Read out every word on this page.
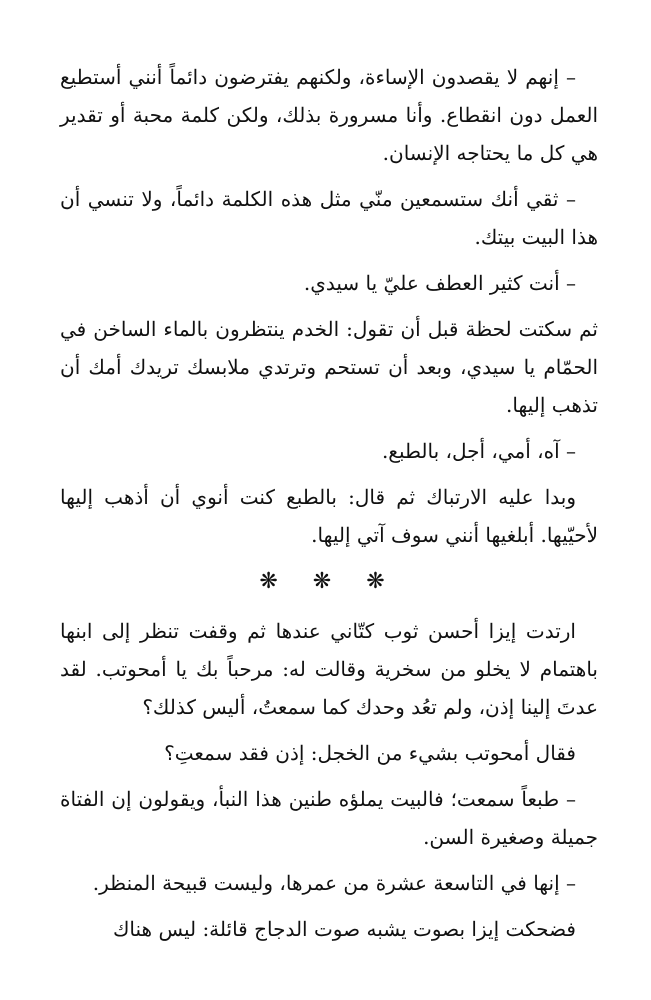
– إنهم لا يقصدون الإساءة، ولكنهم يفترضون دائماً أنني أستطيع العمل دون انقطاع. وأنا مسرورة بذلك، ولكن كلمة محبة أو تقدير هي كل ما يحتاجه الإنسان.

– ثقي أنك ستسمعين منّي مثل هذه الكلمة دائماً، ولا تنسي أن هذا البيت بيتك.

– أنت كثير العطف عليّ يا سيدي.

ثم سكتت لحظة قبل أن تقول: الخدم ينتظرون بالماء الساخن في الحمّام يا سيدي، وبعد أن تستحم وترتدي ملابسك تريدك أمك أن تذهب إليها.

– آه، أمي، أجل، بالطبع.

وبدا عليه الارتباك ثم قال: بالطبع كنت أنوي أن أذهب إليها لأحيّيها. أبلغيها أنني سوف آتي إليها.

❋ ❋ ❋

ارتدت إيزا أحسن ثوب كتّاني عندها ثم وقفت تنظر إلى ابنها باهتمام لا يخلو من سخرية وقالت له: مرحباً بك يا أمحوتب. لقد عدتَ إلينا إذن، ولم تعُد وحدك كما سمعتُ، أليس كذلك؟

فقال أمحوتب بشيء من الخجل: إذن فقد سمعتِ؟

– طبعاً سمعت؛ فالبيت يملؤه طنين هذا النبأ، ويقولون إن الفتاة جميلة وصغيرة السن.

– إنها في التاسعة عشرة من عمرها، وليست قبيحة المنظر.

فضحكت إيزا بصوت يشبه صوت الدجاج قائلة: ليس هناك
